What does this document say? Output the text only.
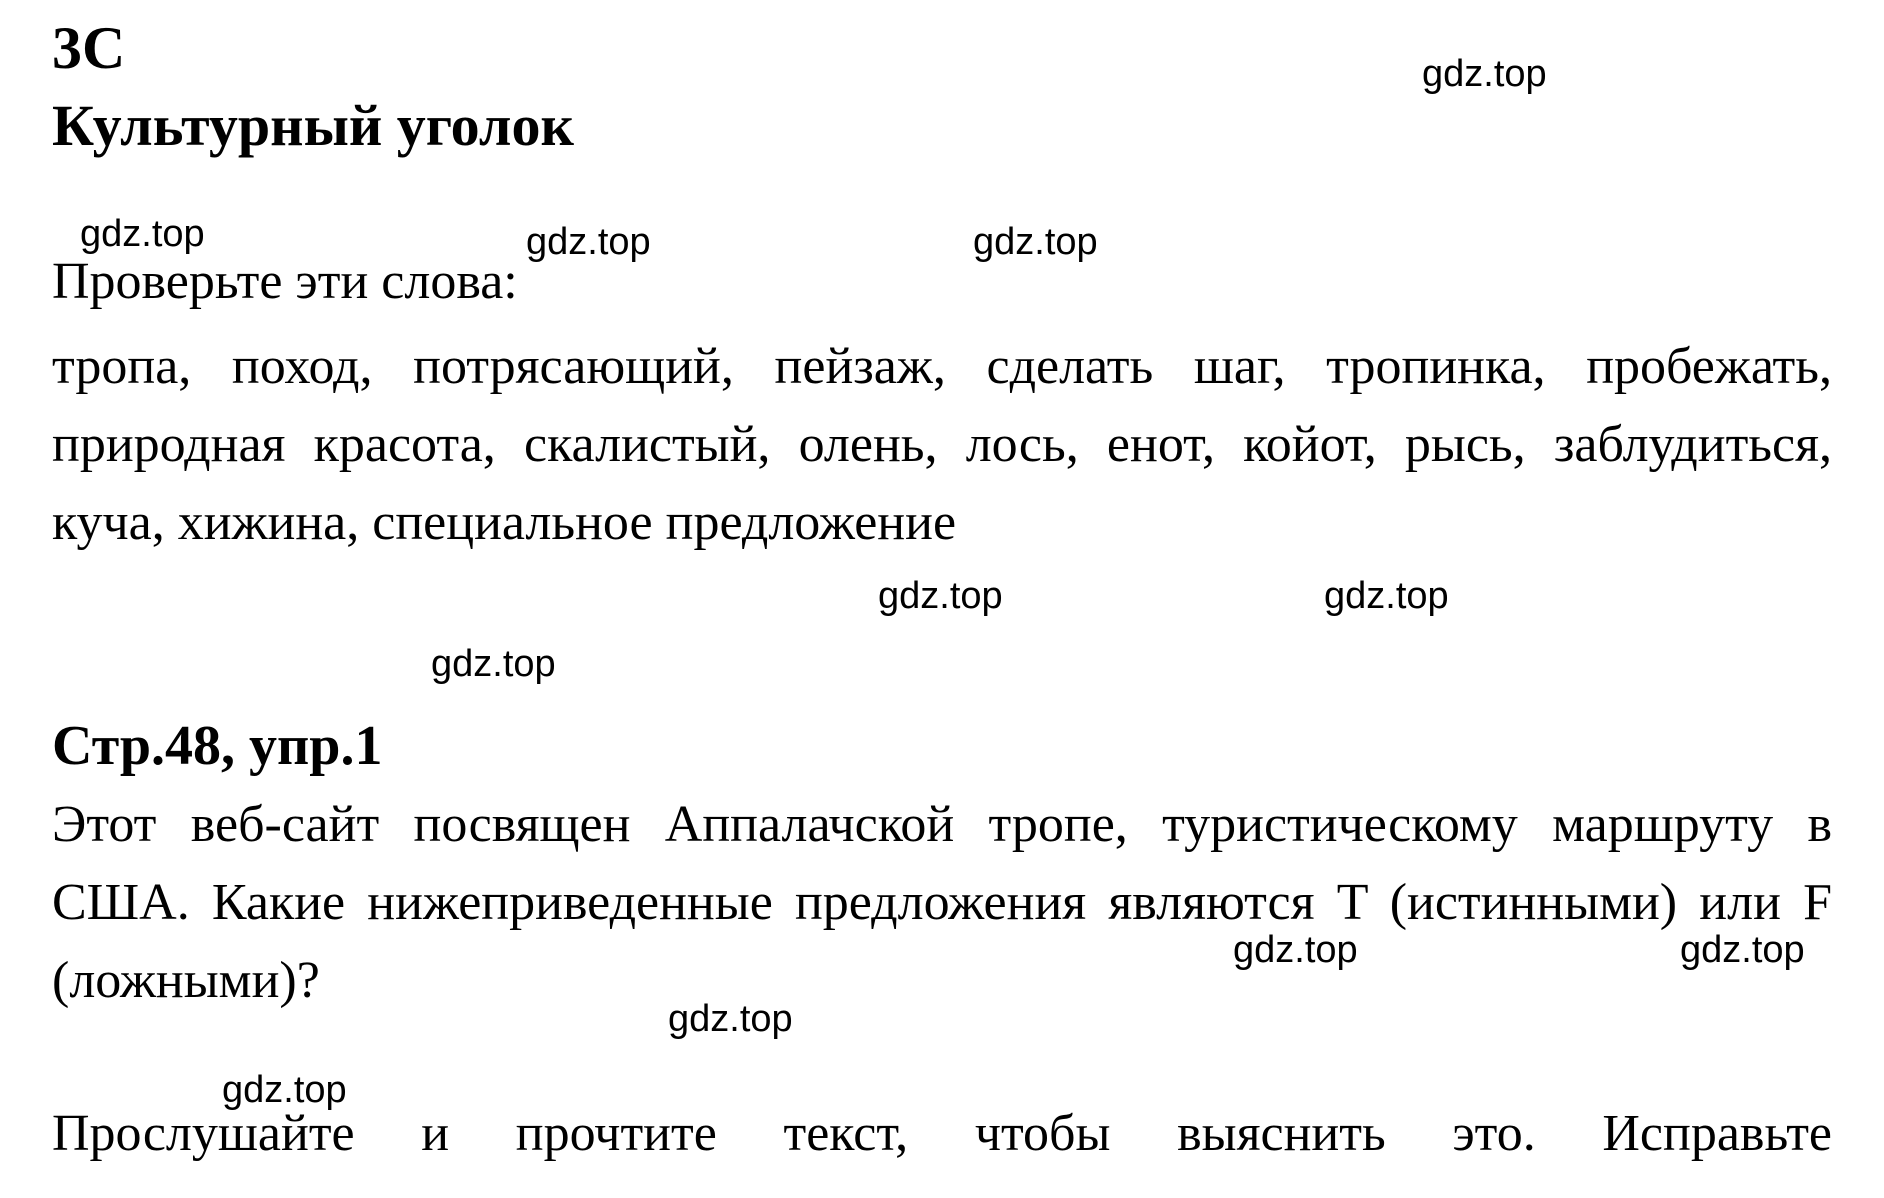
3C
Культурный уголок
Проверьте эти слова:
тропа, поход, потрясающий, пейзаж, сделать шаг, тропинка, пробежать, природная красота, скалистый, олень, лось, енот, койот, рысь, заблудиться, куча, хижина, специальное предложение
Стр.48, упр.1
Этот веб-сайт посвящен Аппалачской тропе, туристическому маршруту в США. Какие нижеприведенные предложения являются T (истинными) или F (ложными)?
Прослушайте и прочтите текст, чтобы выяснить это. Исправьте
gdz.top
gdz.top	gdz.top	gdz.top
gdz.top	gdz.top
gdz.top
gdz.top	gdz.top
gdz.top
gdz.top
